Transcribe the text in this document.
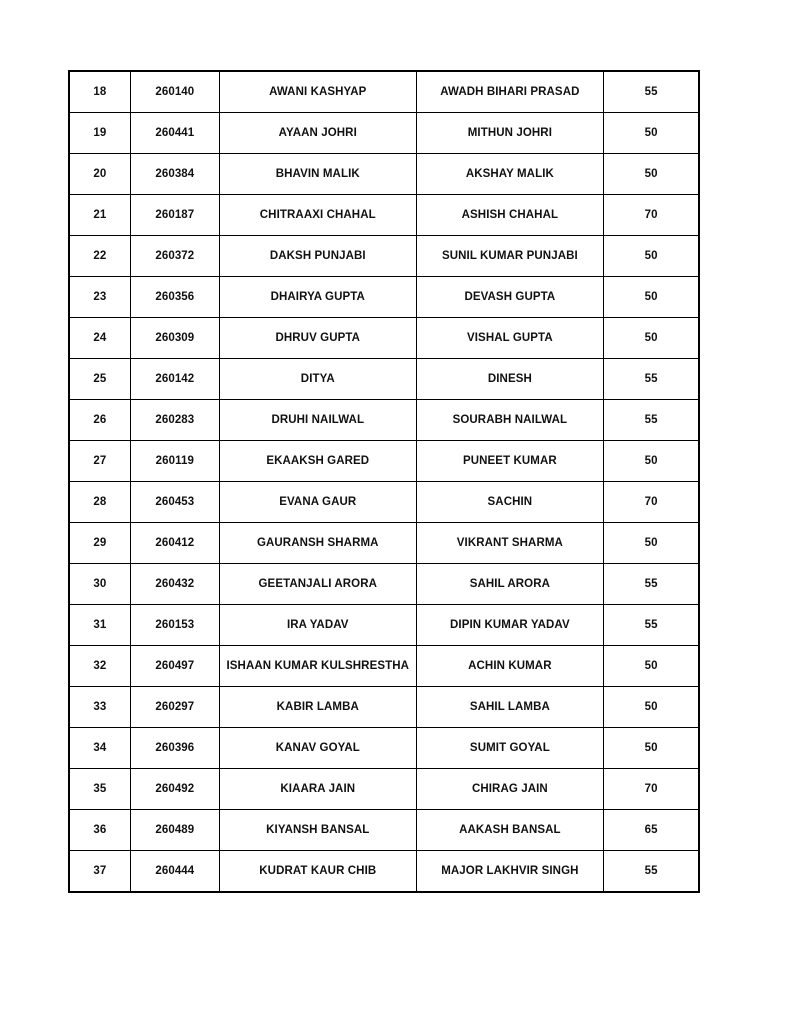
18	260140	AWANI KASHYAP	AWADH BIHARI PRASAD	55
19	260441	AYAAN JOHRI	MITHUN JOHRI	50
20	260384	BHAVIN MALIK	AKSHAY MALIK	50
21	260187	CHITRAAXI CHAHAL	ASHISH CHAHAL	70
22	260372	DAKSH PUNJABI	SUNIL KUMAR PUNJABI	50
23	260356	DHAIRYA GUPTA	DEVASH GUPTA	50
24	260309	DHRUV GUPTA	VISHAL GUPTA	50
25	260142	DITYA	DINESH	55
26	260283	DRUHI NAILWAL	SOURABH NAILWAL	55
27	260119	EKAAKSH GARED	PUNEET KUMAR	50
28	260453	EVANA GAUR	SACHIN	70
29	260412	GAURANSH SHARMA	VIKRANT SHARMA	50
30	260432	GEETANJALI ARORA	SAHIL ARORA	55
31	260153	IRA YADAV	DIPIN KUMAR YADAV	55
32	260497	ISHAAN KUMAR KULSHRESTHA	ACHIN KUMAR	50
33	260297	KABIR LAMBA	SAHIL LAMBA	50
34	260396	KANAV GOYAL	SUMIT GOYAL	50
35	260492	KIAARA JAIN	CHIRAG JAIN	70
36	260489	KIYANSH BANSAL	AAKASH BANSAL	65
37	260444	KUDRAT KAUR CHIB	MAJOR LAKHVIR SINGH	55
